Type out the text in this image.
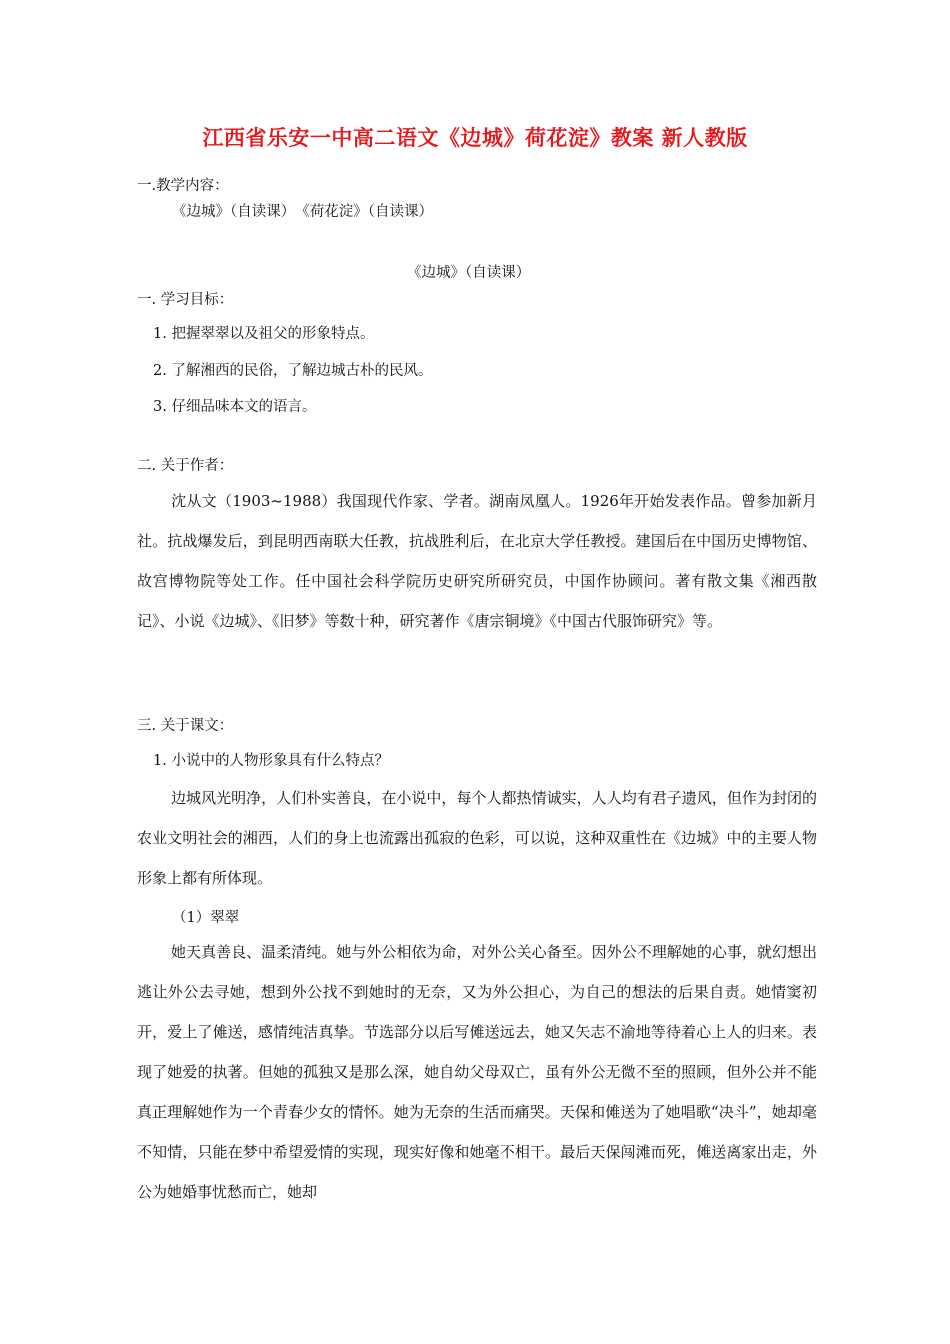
江西省乐安一中高二语文《边城》荷花淀》教案 新人教版
一.教学内容：
《边城》（自读课）　《荷花淀》（自读课）
《边城》（自读课）
一. 学习目标：
1. 把握翠翠以及祖父的形象特点。
2. 了解湘西的民俗，了解边城古朴的民风。
3. 仔细品味本文的语言。
二. 关于作者：
沈从文（1903~1988）我国现代作家、学者。湖南凤凰人。1926年开始发表作品。曾参加新月社。抗战爆发后，到昆明西南联大任教，抗战胜利后，在北京大学任教授。建国后在中国历史博物馆、故宫博物院等处工作。任中国社会科学院历史研究所研究员，中国作协顾问。著有散文集《湘西散记》、小说《边城》、《旧梦》等数十种，研究著作《唐宗铜境》《中国古代服饰研究》等。
三. 关于课文：
1. 小说中的人物形象具有什么特点？
边城风光明净，人们朴实善良，在小说中，每个人都热情诚实，人人均有君子遗风，但作为封闭的农业文明社会的湘西，人们的身上也流露出孤寂的色彩，可以说，这种双重性在《边城》中的主要人物形象上都有所体现。
（1）翠翠
她天真善良、温柔清纯。她与外公相依为命，对外公关心备至。因外公不理解她的心事，就幻想出逃让外公去寻她，想到外公找不到她时的无奈，又为外公担心，为自己的想法的后果自责。她情窦初开，爱上了傩送，感情纯洁真挚。节选部分以后写傩送远去，她又矢志不渝地等待着心上人的归来。表现了她爱的执著。但她的孤独又是那么深，她自幼父母双亡，虽有外公无微不至的照顾，但外公并不能真正理解她作为一个青春少女的情怀。她为无奈的生活而痛哭。天保和傩送为了她唱歌“决斗”，她却毫不知情，只能在梦中希望爱情的实现，现实好像和她毫不相干。最后天保闯滩而死，傩送离家出走，外公为她婚事忧愁而亡，她却
